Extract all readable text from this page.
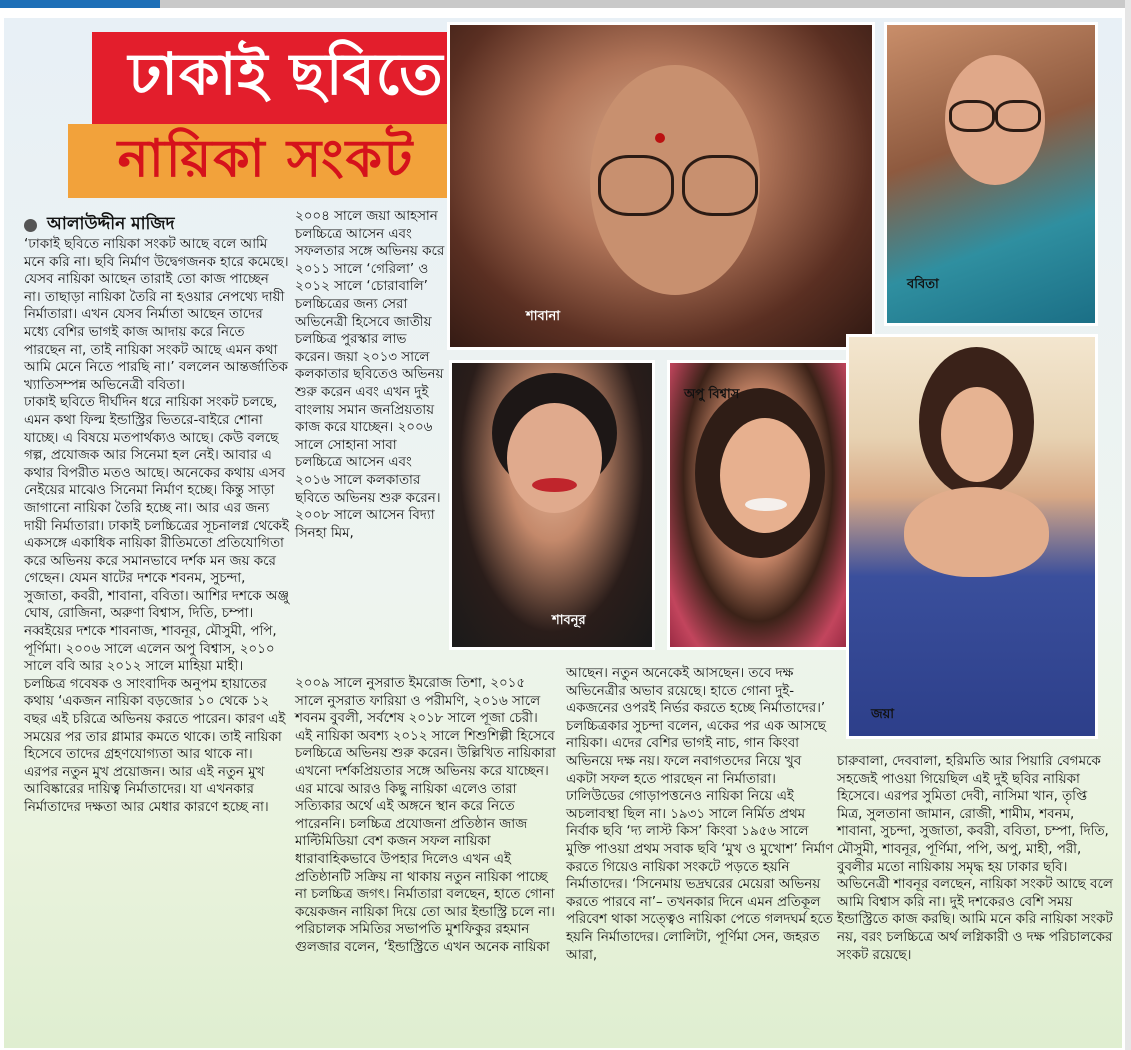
ঢাকাই ছবিতে
নায়িকা সংকট
আলাউদ্দীন মাজিদ
শাবানা
ববিতা
শাবনূর
অপু বিশ্বাস
জয়া

‘ঢাকাই ছবিতে নায়িকা সংকট আছে বলে আমি মনে করি না। ছবি নির্মাণ উদ্বেগজনক হারে কমেছে। যেসব নায়িকা আছেন তারাই তো কাজ পাচ্ছেন না। তাছাড়া নায়িকা তৈরি না হওয়ার নেপথ্যে দায়ী নির্মাতারা। এখন যেসব নির্মাতা আছেন তাদের মধ্যে বেশির ভাগই কাজ আদায় করে নিতে পারছেন না, তাই নায়িকা সংকট আছে এমন কথা আমি মেনে নিতে পারছি না।’ বললেন আন্তর্জাতিক খ্যাতিসম্পন্ন অভিনেত্রী ববিতা।

ঢাকাই ছবিতে দীর্ঘদিন ধরে নায়িকা সংকট চলছে, এমন কথা ফিল্ম ইন্ডাস্ট্রির ভিতরে-বাইরে শোনা যাচ্ছে। এ বিষয়ে মতপার্থক্যও আছে। কেউ বলছে গল্প, প্রযোজক আর সিনেমা হল নেই। আবার এ কথার বিপরীত মতও আছে। অনেকের কথায় এসব নেইয়ের মাঝেও সিনেমা নির্মাণ হচ্ছে। কিন্তু সাড়া জাগানো নায়িকা তৈরি হচ্ছে না। আর এর জন্য দায়ী নির্মাতারা। ঢাকাই চলচ্চিত্রের সূচনালগ্ন থেকেই একসঙ্গে একাধিক নায়িকা রীতিমতো প্রতিযোগিতা করে অভিনয় করে সমানভাবে দর্শক মন জয় করে গেছেন। যেমন ষাটের দশকে শবনম, সুচন্দা, সুজাতা, কবরী, শাবানা, ববিতা। আশির দশকে অঞ্জু ঘোষ, রোজিনা, অরুণা বিশ্বাস, দিতি, চম্পা। নব্বইয়ের দশকে শাবনাজ, শাবনূর, মৌসুমী, পপি, পূর্ণিমা। ২০০৬ সালে এলেন অপু বিশ্বাস, ২০১০ সালে ববি আর ২০১২ সালে মাহিয়া মাহী। চলচ্চিত্র গবেষক ও সাংবাদিক অনুপম হায়াতের কথায় ‘একজন নায়িকা বড়জোর ১০ থেকে ১২ বছর এই চরিত্রে অভিনয় করতে পারেন। কারণ এই সময়ের পর তার গ্লামার কমতে থাকে। তাই নায়িকা হিসেবে তাদের গ্রহণযোগ্যতা আর থাকে না। এরপর নতুন মুখ প্রয়োজন। আর এই নতুন মুখ আবিষ্কারের দায়িত্ব নির্মাতাদের। যা এখনকার নির্মাতাদের দক্ষতা আর মেধার কারণে হচ্ছে না।

২০০৪ সালে জয়া আহসান চলচ্চিত্রে আসেন এবং সফলতার সঙ্গে অভিনয় করে ২০১১ সালে ‘গেরিলা’ ও ২০১২ সালে ‘চোরাবালি’ চলচ্চিত্রের জন্য সেরা অভিনেত্রী হিসেবে জাতীয় চলচ্চিত্র পুরস্কার লাভ করেন। জয়া ২০১৩ সালে কলকাতার ছবিতেও অভিনয় শুরু করেন এবং এখন দুই বাংলায় সমান জনপ্রিয়তায় কাজ করে যাচ্ছেন। ২০০৬ সালে সোহানা সাবা চলচ্চিত্রে আসেন এবং ২০১৬ সালে কলকাতার ছবিতে অভিনয় শুরু করেন। ২০০৮ সালে আসেন বিদ্যা সিনহা মিম,

২০০৯ সালে নুসরাত ইমরোজ তিশা, ২০১৫ সালে নুসরাত ফারিয়া ও পরীমণি, ২০১৬ সালে শবনম বুবলী, সর্বশেষ ২০১৮ সালে পূজা চেরী। এই নায়িকা অবশ্য ২০১২ সালে শিশুশিল্পী হিসেবে চলচ্চিত্রে অভিনয় শুরু করেন। উল্লিখিত নায়িকারা এখনো দর্শকপ্রিয়তার সঙ্গে অভিনয় করে যাচ্ছেন। এর মাঝে আরও কিছু নায়িকা এলেও তারা সত্যিকার অর্থে এই অঙ্গনে স্থান করে নিতে পারেননি। চলচ্চিত্র প্রযোজনা প্রতিষ্ঠান জাজ মাল্টিমিডিয়া বেশ কজন সফল নায়িকা ধারাবাহিকভাবে উপহার দিলেও এখন এই প্রতিষ্ঠানটি সক্রিয় না থাকায় নতুন নায়িকা পাচ্ছে না চলচ্চিত্র জগৎ। নির্মাতারা বলছেন, হাতে গোনা কয়েকজন নায়িকা দিয়ে তো আর ইন্ডাস্ট্রি চলে না। পরিচালক সমিতির সভাপতি মুশফিকুর রহমান গুলজার বলেন, ‘ইন্ডাস্ট্রিতে এখন অনেক নায়িকা

আছেন। নতুন অনেকেই আসছেন। তবে দক্ষ অভিনেত্রীর অভাব রয়েছে। হাতে গোনা দুই-একজনের ওপরই নির্ভর করতে হচ্ছে নির্মাতাদের।’ চলচ্চিত্রকার সুচন্দা বলেন, একের পর এক আসছে নায়িকা। এদের বেশির ভাগই নাচ, গান কিংবা অভিনয়ে দক্ষ নয়। ফলে নবাগতদের নিয়ে খুব একটা সফল হতে পারছেন না নির্মাতারা। ঢালিউডের গোড়াপত্তনেও নায়িকা নিয়ে এই অচলাবস্থা ছিল না। ১৯৩১ সালে নির্মিত প্রথম নির্বাক ছবি ‘দ্য লাস্ট কিস’ কিংবা ১৯৫৬ সালে মুক্তি পাওয়া প্রথম সবাক ছবি ‘মুখ ও মুখোশ’ নির্মাণ করতে গিয়েও নায়িকা সংকটে পড়তে হয়নি নির্মাতাদের। ‘সিনেমায় ভদ্রঘরের মেয়েরা অভিনয় করতে পারবে না’– তখনকার দিনে এমন প্রতিকূল পরিবেশ থাকা সত্ত্বেও নায়িকা পেতে গলদঘর্ম হতে হয়নি নির্মাতাদের। লোলিটা, পূর্ণিমা সেন, জহরত আরা,

চারুবালা, দেববালা, হরিমতি আর পিয়ারি বেগমকে সহজেই পাওয়া গিয়েছিল এই দুই ছবির নায়িকা হিসেবে। এরপর সুমিতা দেবী, নাসিমা খান, তৃপ্তি মিত্র, সুলতানা জামান, রোজী, শামীম, শবনম, শাবানা, সুচন্দা, সুজাতা, কবরী, ববিতা, চম্পা, দিতি, মৌসুমী, শাবনূর, পূর্ণিমা, পপি, অপু, মাহী, পরী, বুবলীর মতো নায়িকায় সমৃদ্ধ হয় ঢাকার ছবি।

অভিনেত্রী শাবনূর বলছেন, নায়িকা সংকট আছে বলে আমি বিশ্বাস করি না। দুই দশকেরও বেশি সময় ইন্ডাস্ট্রিতে কাজ করছি। আমি মনে করি নায়িকা সংকট নয়, বরং চলচ্চিত্রে অর্থ লগ্নিকারী ও দক্ষ পরিচালকের সংকট রয়েছে।
